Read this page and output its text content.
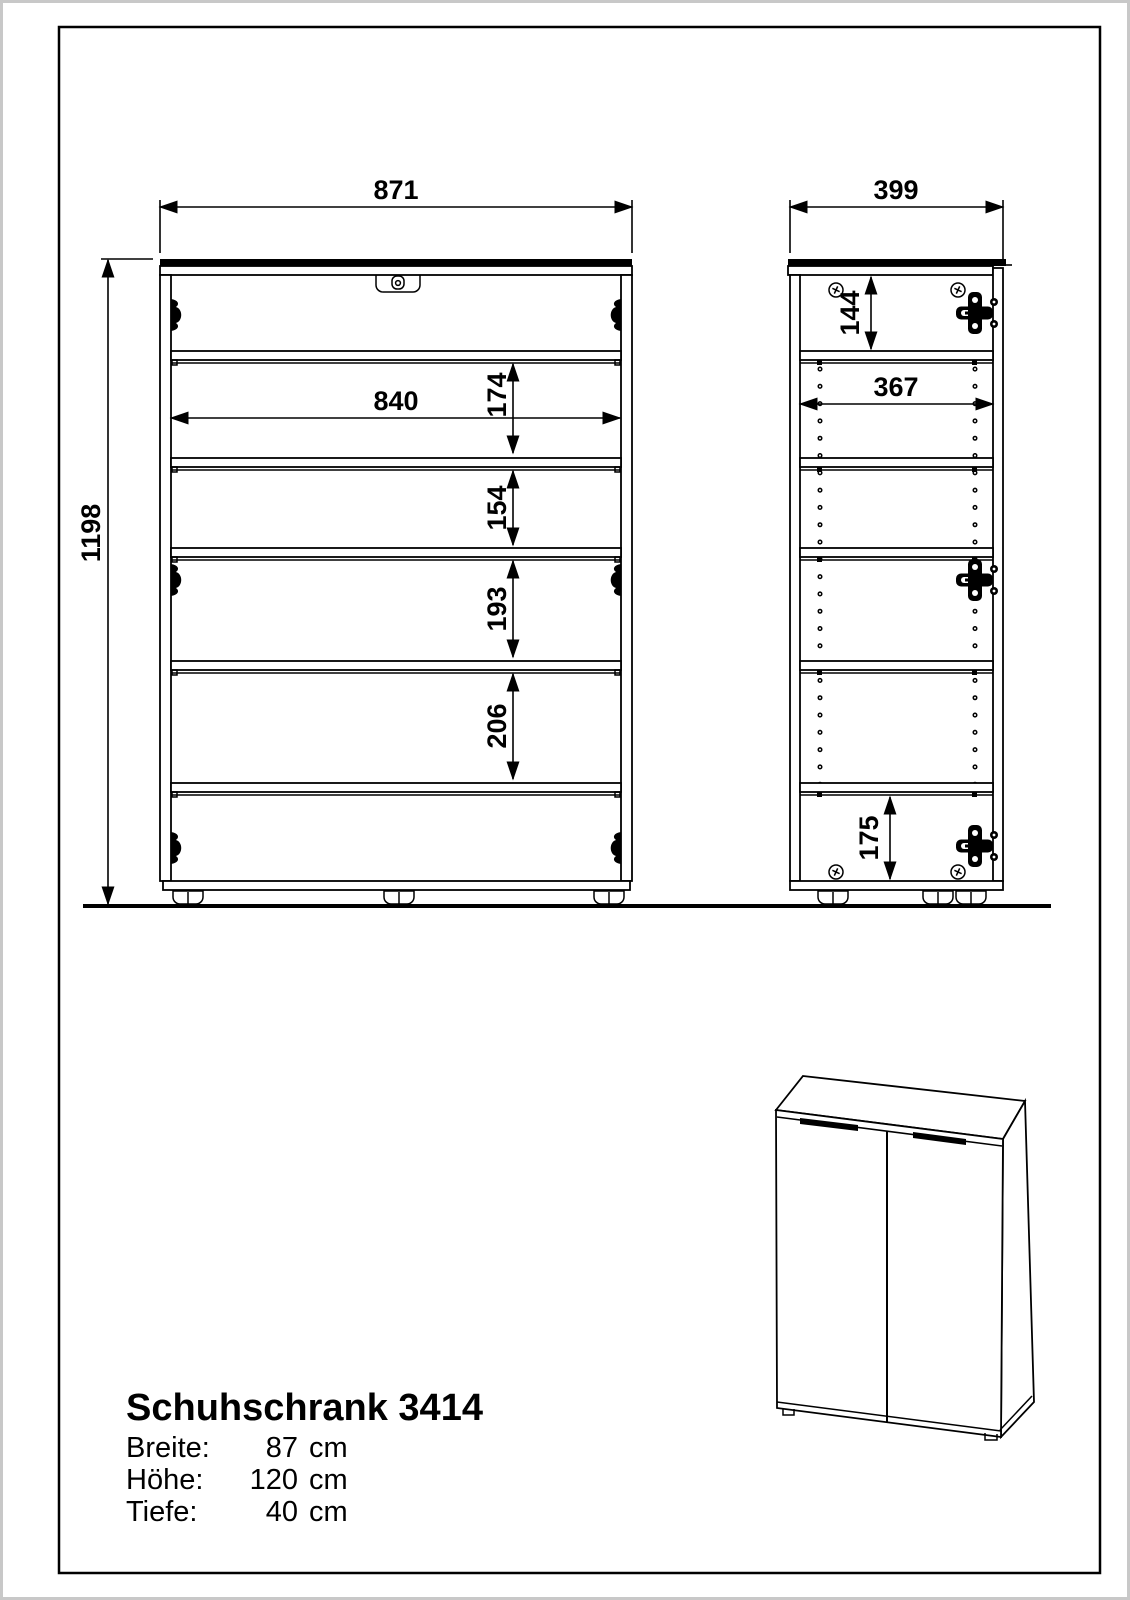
871
1198
840 174
154
193
206
399
144
367
175
Schuhschrank 3414
Breite:	87 cm
Höhe:	120 cm
Tiefe:	40 cm
